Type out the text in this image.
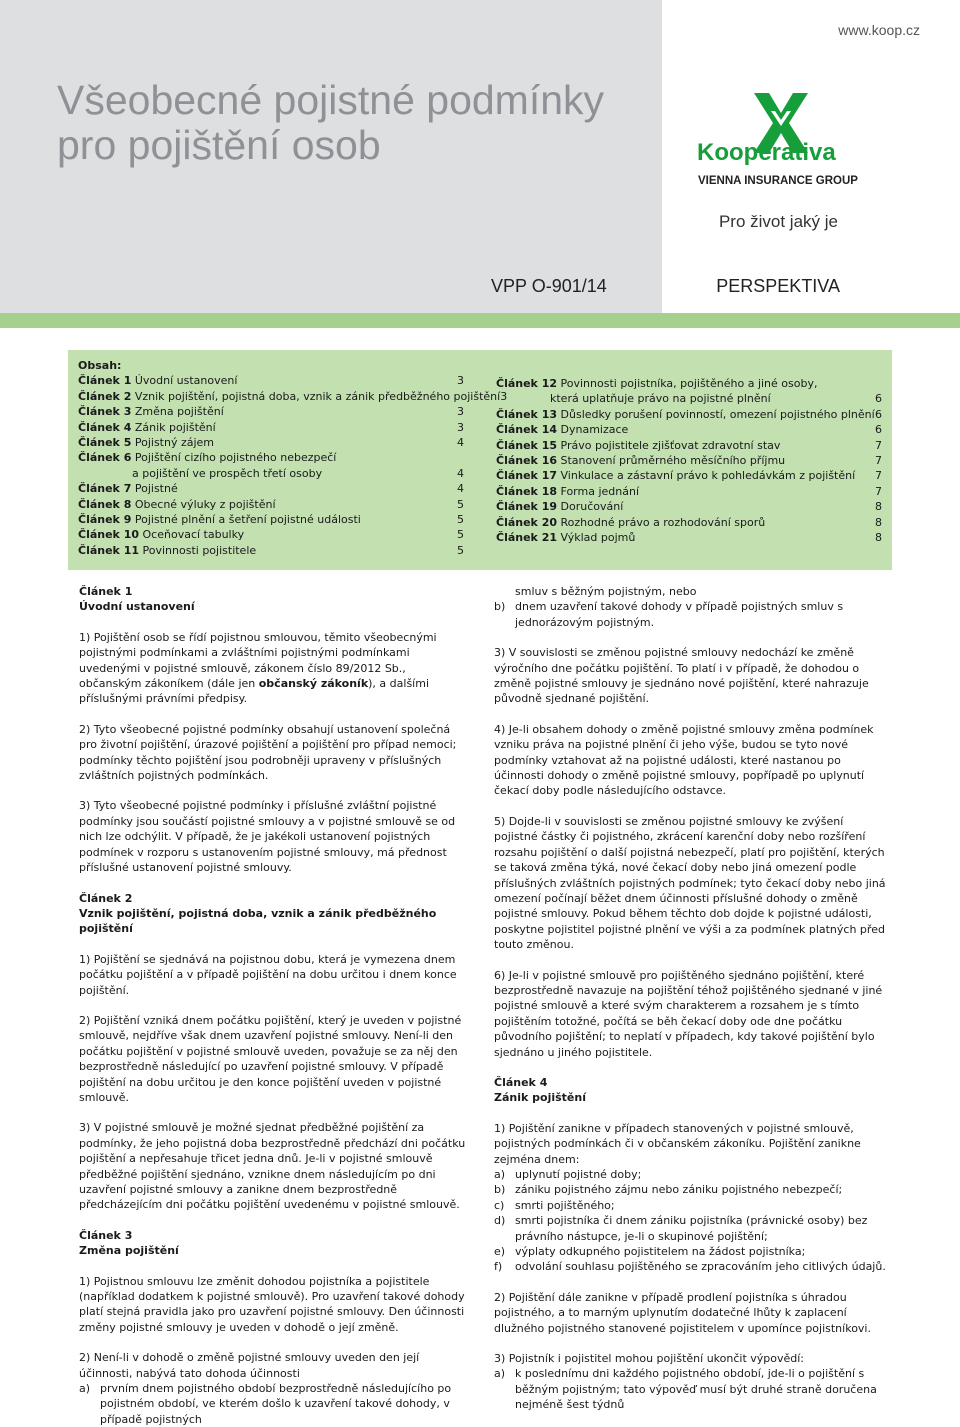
www.koop.cz
Všeobecné pojistné podmínky
pro pojištění osob	Kooperativa
VIENNA INSURANCE GROUP
Pro život jaký je
VPP O-901/14	PERSPEKTIVA
Obsah:
Článek 1 Úvodní ustanovení	3
Článek 2 Vznik pojištění, pojistná doba, vznik a zánik předběžného pojištění 3
Článek 3 Změna pojištění	3
Článek 4 Zánik pojištění	3
Článek 5 Pojistný zájem	4
Článek 6 Pojištění cizího pojistného nebezpečí
a pojištění ve prospěch třetí osoby	4
Článek 7 Pojistné	4
Článek 8 Obecné výluky z pojištění	5
Článek 9 Pojistné plnění a šetření pojistné události	5
Článek 10 Oceňovací tabulky	5
Článek 11 Povinnosti pojistitele	5
Článek 12 Povinnosti pojistníka, pojištěného a jiné osoby,
která uplatňuje právo na pojistné plnění	6
Článek 13 Důsledky porušení povinností, omezení pojistného plnění 6
Článek 14 Dynamizace	6
Článek 15 Právo pojistitele zjišťovat zdravotní stav	7
Článek 16 Stanovení průměrného měsíčního příjmu	7
Článek 17 Vinkulace a zástavní právo k pohledávkám z pojištění 7
Článek 18 Forma jednání	7
Článek 19 Doručování	8
Článek 20 Rozhodné právo a rozhodování sporů	8
Článek 21 Výklad pojmů	8
Článek 1
Úvodní ustanovení
1) Pojištění osob se řídí pojistnou smlouvou, těmito všeobecnými pojistnými podmínkami a zvláštními pojistnými podmínkami uvedenými v pojistné smlouvě, zákonem číslo 89/2012 Sb., občanským zákoníkem (dále jen občanský zákoník), a dalšími příslušnými právními předpisy.
2) Tyto všeobecné pojistné podmínky obsahují ustanovení společná pro životní pojištění, úrazové pojištění a pojištění pro případ nemoci; podmínky těchto pojištění jsou podrobněji upraveny v příslušných zvláštních pojistných podmínkách.
3) Tyto všeobecné pojistné podmínky i příslušné zvláštní pojistné podmínky jsou součástí pojistné smlouvy a v pojistné smlouvě se od nich lze odchýlit. V případě, že je jakékoli ustanovení pojistných podmínek v rozporu s ustanovením pojistné smlouvy, má přednost příslušné ustanovení pojistné smlouvy.
Článek 2
Vznik pojištění, pojistná doba, vznik a zánik předběžného pojištění
1) Pojištění se sjednává na pojistnou dobu, která je vymezena dnem počátku pojištění a v případě pojištění na dobu určitou i dnem konce pojištění.
2) Pojištění vzniká dnem počátku pojištění, který je uveden v pojistné smlouvě, nejdříve však dnem uzavření pojistné smlouvy. Není-li den počátku pojištění v pojistné smlouvě uveden, považuje se za něj den bezprostředně následující po uzavření pojistné smlouvy. V případě pojištění na dobu určitou je den konce pojištění uveden v pojistné smlouvě.
3) V pojistné smlouvě je možné sjednat předběžné pojištění za podmínky, že jeho pojistná doba bezprostředně předchází dni počátku pojištění a nepřesahuje třicet jedna dnů. Je-li v pojistné smlouvě předběžné pojištění sjednáno, vznikne dnem následujícím po dni uzavření pojistné smlouvy a zanikne dnem bezprostředně předcházejícím dni počátku pojištění uvedenému v pojistné smlouvě.
Článek 3
Změna pojištění
1) Pojistnou smlouvu lze změnit dohodou pojistníka a pojistitele (například dodatkem k pojistné smlouvě). Pro uzavření takové dohody platí stejná pravidla jako pro uzavření pojistné smlouvy. Den účinnosti změny pojistné smlouvy je uveden v dohodě o její změně.
2) Není-li v dohodě o změně pojistné smlouvy uveden den její účinnosti, nabývá tato dohoda účinnosti
a) prvním dnem pojistného období bezprostředně následujícího po pojistném období, ve kterém došlo k uzavření takové dohody, v případě pojistných
smluv s běžným pojistným, nebo
b) dnem uzavření takové dohody v případě pojistných smluv s jednorázovým pojistným.
3) V souvislosti se změnou pojistné smlouvy nedochází ke změně výročního dne počátku pojištění. To platí i v případě, že dohodou o změně pojistné smlouvy je sjednáno nové pojištění, které nahrazuje původně sjednané pojištění.
4) Je-li obsahem dohody o změně pojistné smlouvy změna podmínek vzniku práva na pojistné plnění či jeho výše, budou se tyto nové podmínky vztahovat až na pojistné události, které nastanou po účinnosti dohody o změně pojistné smlouvy, popřípadě po uplynutí čekací doby podle následujícího odstavce.
5) Dojde-li v souvislosti se změnou pojistné smlouvy ke zvýšení pojistné částky či pojistného, zkrácení karenční doby nebo rozšíření rozsahu pojištění o další pojistná nebezpečí, platí pro pojištění, kterých se taková změna týká, nové čekací doby nebo jiná omezení podle příslušných zvláštních pojistných podmínek; tyto čekací doby nebo jiná omezení počínají běžet dnem účinnosti příslušné dohody o změně pojistné smlouvy. Pokud během těchto dob dojde k pojistné události, poskytne pojistitel pojistné plnění ve výši a za podmínek platných před touto změnou.
6) Je-li v pojistné smlouvě pro pojištěného sjednáno pojištění, které bezprostředně navazuje na pojištění téhož pojištěného sjednané v jiné pojistné smlouvě a které svým charakterem a rozsahem je s tímto pojištěním totožné, počítá se běh čekací doby ode dne počátku původního pojištění; to neplatí v případech, kdy takové pojištění bylo sjednáno u jiného pojistitele.
Článek 4
Zánik pojištění
1) Pojištění zanikne v případech stanovených v pojistné smlouvě, pojistných podmínkách či v občanském zákoníku. Pojištění zanikne zejména dnem:
a) uplynutí pojistné doby;
b) zániku pojistného zájmu nebo zániku pojistného nebezpečí;
c) smrti pojištěného;
d) smrti pojistníka či dnem zániku pojistníka (právnické osoby) bez právního nástupce, je-li o skupinové pojištění;
e) výplaty odkupného pojistitelem na žádost pojistníka;
f)	odvolání souhlasu pojištěného se zpracováním jeho citlivých údajů.
2) Pojištění dále zanikne v případě prodlení pojistníka s úhradou pojistného, a to marným uplynutím dodatečné lhůty k zaplacení dlužného pojistného stanovené pojistitelem v upomínce pojistníkovi.
3) Pojistník i pojistitel mohou pojištění ukončit výpovědí:
a) k poslednímu dni každého pojistného období, jde-li o pojištění s běžným pojistným; tato výpověď musí být druhé straně doručena nejméně šest týdnů
